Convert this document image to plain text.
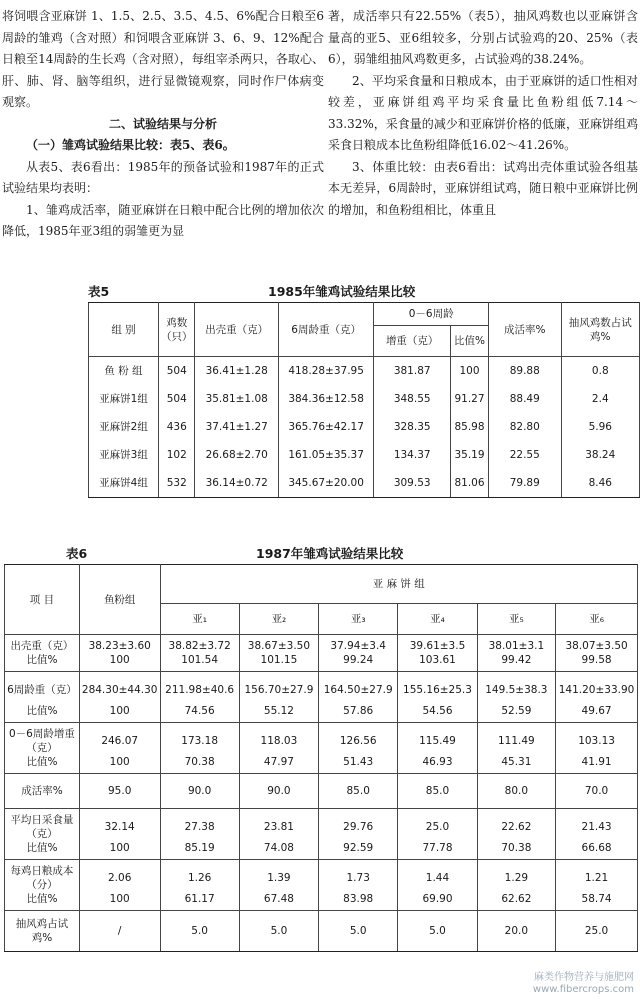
将饲喂含亚麻饼 1、1.5、2.5、3.5、4.5、6%配合日粮至6周龄的雏鸡（含对照）和饲喂含亚麻饼 3、6、9、12%配合日粮至14周龄的生长鸡（含对照），每组宰杀两只，各取心、肝、肺、肾、脑等组织，进行显微镜观察，同时作尸体病变观察。

二、试验结果与分析

（一）雏鸡试验结果比较：表5、表6。

从表5、表6看出：1985年的预备试验和1987年的正式试验结果均表明：

1、雏鸡成活率，随亚麻饼在日粮中配合比例的增加依次降低，1985年亚3组的弱雏更为显

著，成活率只有22.55%（表5），抽风鸡数也以亚麻饼含量高的亚5、亚6组较多，分别占试验鸡的20、25%（表6），弱雏组抽风鸡数更多，占试验鸡的38.24%。

2、平均采食量和日粮成本，由于亚麻饼的适口性相对较差，亚麻饼组鸡平均采食量比鱼粉组低7.14～33.32%，采食量的减少和亚麻饼价格的低廉，亚麻饼组鸡采食日粮成本比鱼粉组降低16.02～41.26%。

3、体重比较：由表6看出：试鸡出壳体重试验各组基本无差异，6周龄时，亚麻饼组试鸡，随日粮中亚麻饼比例的增加，和鱼粉组相比，体重且

表5	1985年雏鸡试验结果比较
组 别	鸡数（只）	出壳重（克）	6周龄重（克）	0－6周龄		成活率%	抽风鸡数占试鸡%
				增重（克）	比值%		
鱼 粉 组	504	36.41±1.28	418.28±37.95	381.87	100	89.88	0.8
亚麻饼1组	504	35.81±1.08	384.36±12.58	348.55	91.27	88.49	2.4
亚麻饼2组	436	37.41±1.27	365.76±42.17	328.35	85.98	82.80	5.96
亚麻饼3组	102	26.68±2.70	161.05±35.37	134.37	35.19	22.55	38.24
亚麻饼4组	532	36.14±0.72	345.67±20.00	309.53	81.06	79.89	8.46
表6	1987年雏鸡试验结果比较
项 目	鱼粉组	亚 麻 饼 组					
		亚₁	亚₂	亚₃	亚₄	亚₅	亚₆
出壳重（克）	38.23±3.60	38.82±3.72	38.67±3.50	37.94±3.4	39.61±3.5	38.01±3.1	38.07±3.50
比值%	100	101.54	101.15	99.24	103.61	99.42	99.58
6周龄重（克）	284.30±44.30	211.98±40.6	156.70±27.9	164.50±27.9	155.16±25.3	149.5±38.3	141.20±33.90
比值%	100	74.56	55.12	57.86	54.56	52.59	49.67
0－6周龄增重（克）	246.07	173.18	118.03	126.56	115.49	111.49	103.13
比值%	100	70.38	47.97	51.43	46.93	45.31	41.91
成活率%	95.0	90.0	90.0	85.0	85.0	80.0	70.0
平均日采食量（克）	32.14	27.38	23.81	29.76	25.0	22.62	21.43
比值%	100	85.19	74.08	92.59	77.78	70.38	66.68
每鸡日粮成本（分）	2.06	1.26	1.39	1.73	1.44	1.29	1.21
比值%	100	61.17	67.48	83.98	69.90	62.62	58.74
抽风鸡占试鸡%	/	5.0	5.0	5.0	5.0	20.0	25.0
麻类作物营养与施肥网
www.fibercrops.com
